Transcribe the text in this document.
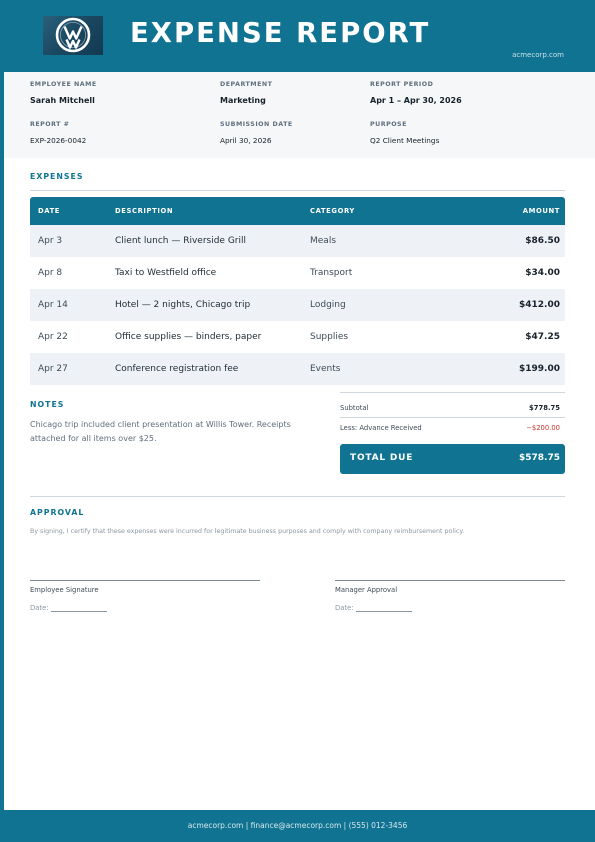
EXPENSE REPORT
acmecorp.com
EMPLOYEE NAME
Sarah Mitchell
DEPARTMENT
Marketing
REPORT PERIOD
Apr 1 – Apr 30, 2026
REPORT #
EXP-2026-0042
SUBMISSION DATE
April 30, 2026
PURPOSE
Q2 Client Meetings
EXPENSES
DATE	DESCRIPTION	CATEGORY	AMOUNT
Apr 3	Client lunch — Riverside Grill	Meals	$86.50
Apr 8	Taxi to Westfield office	Transport	$34.00
Apr 14	Hotel — 2 nights, Chicago trip	Lodging	$412.00
Apr 22	Office supplies — binders, paper	Supplies	$47.25
Apr 27	Conference registration fee	Events	$199.00
NOTES
Chicago trip included client presentation at Willis Tower. Receipts attached for all items over $25.
Subtotal	$778.75
Less: Advance Received	−$200.00
TOTAL DUE	$578.75
APPROVAL
By signing, I certify that these expenses were incurred for legitimate business purposes and comply with company reimbursement policy.
Employee Signature
Date:
Manager Approval
Date:
acmecorp.com | finance@acmecorp.com | (555) 012-3456
